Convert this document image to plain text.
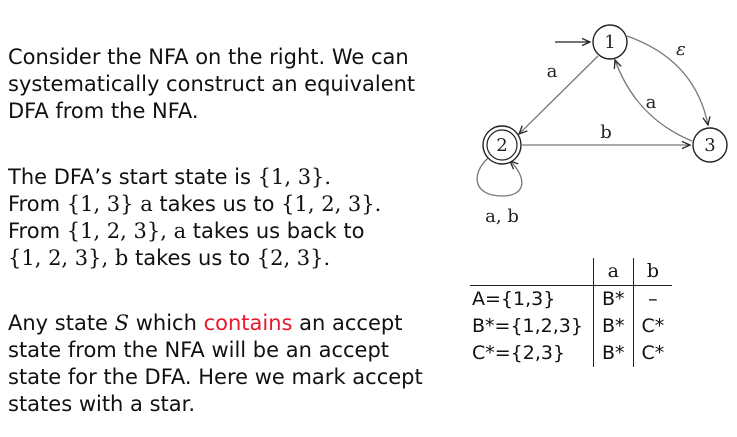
Consider the NFA on the right. We can
systematically construct an equivalent
DFA from the NFA.
The DFA’s start state is {1, 3}.
From {1, 3} a takes us to {1, 2, 3}.
From {1, 2, 3}, a takes us back to
{1, 2, 3}, b takes us to {2, 3}.
Any state S which contains an accept
state from the NFA will be an accept
state for the DFA. Here we mark accept
states with a star.
a
ε
a
b
a, b
1
2	3
	a	b
A={1,3}	B*	–
B*={1,2,3}	B*	C*
C*={2,3}	B*	C*
